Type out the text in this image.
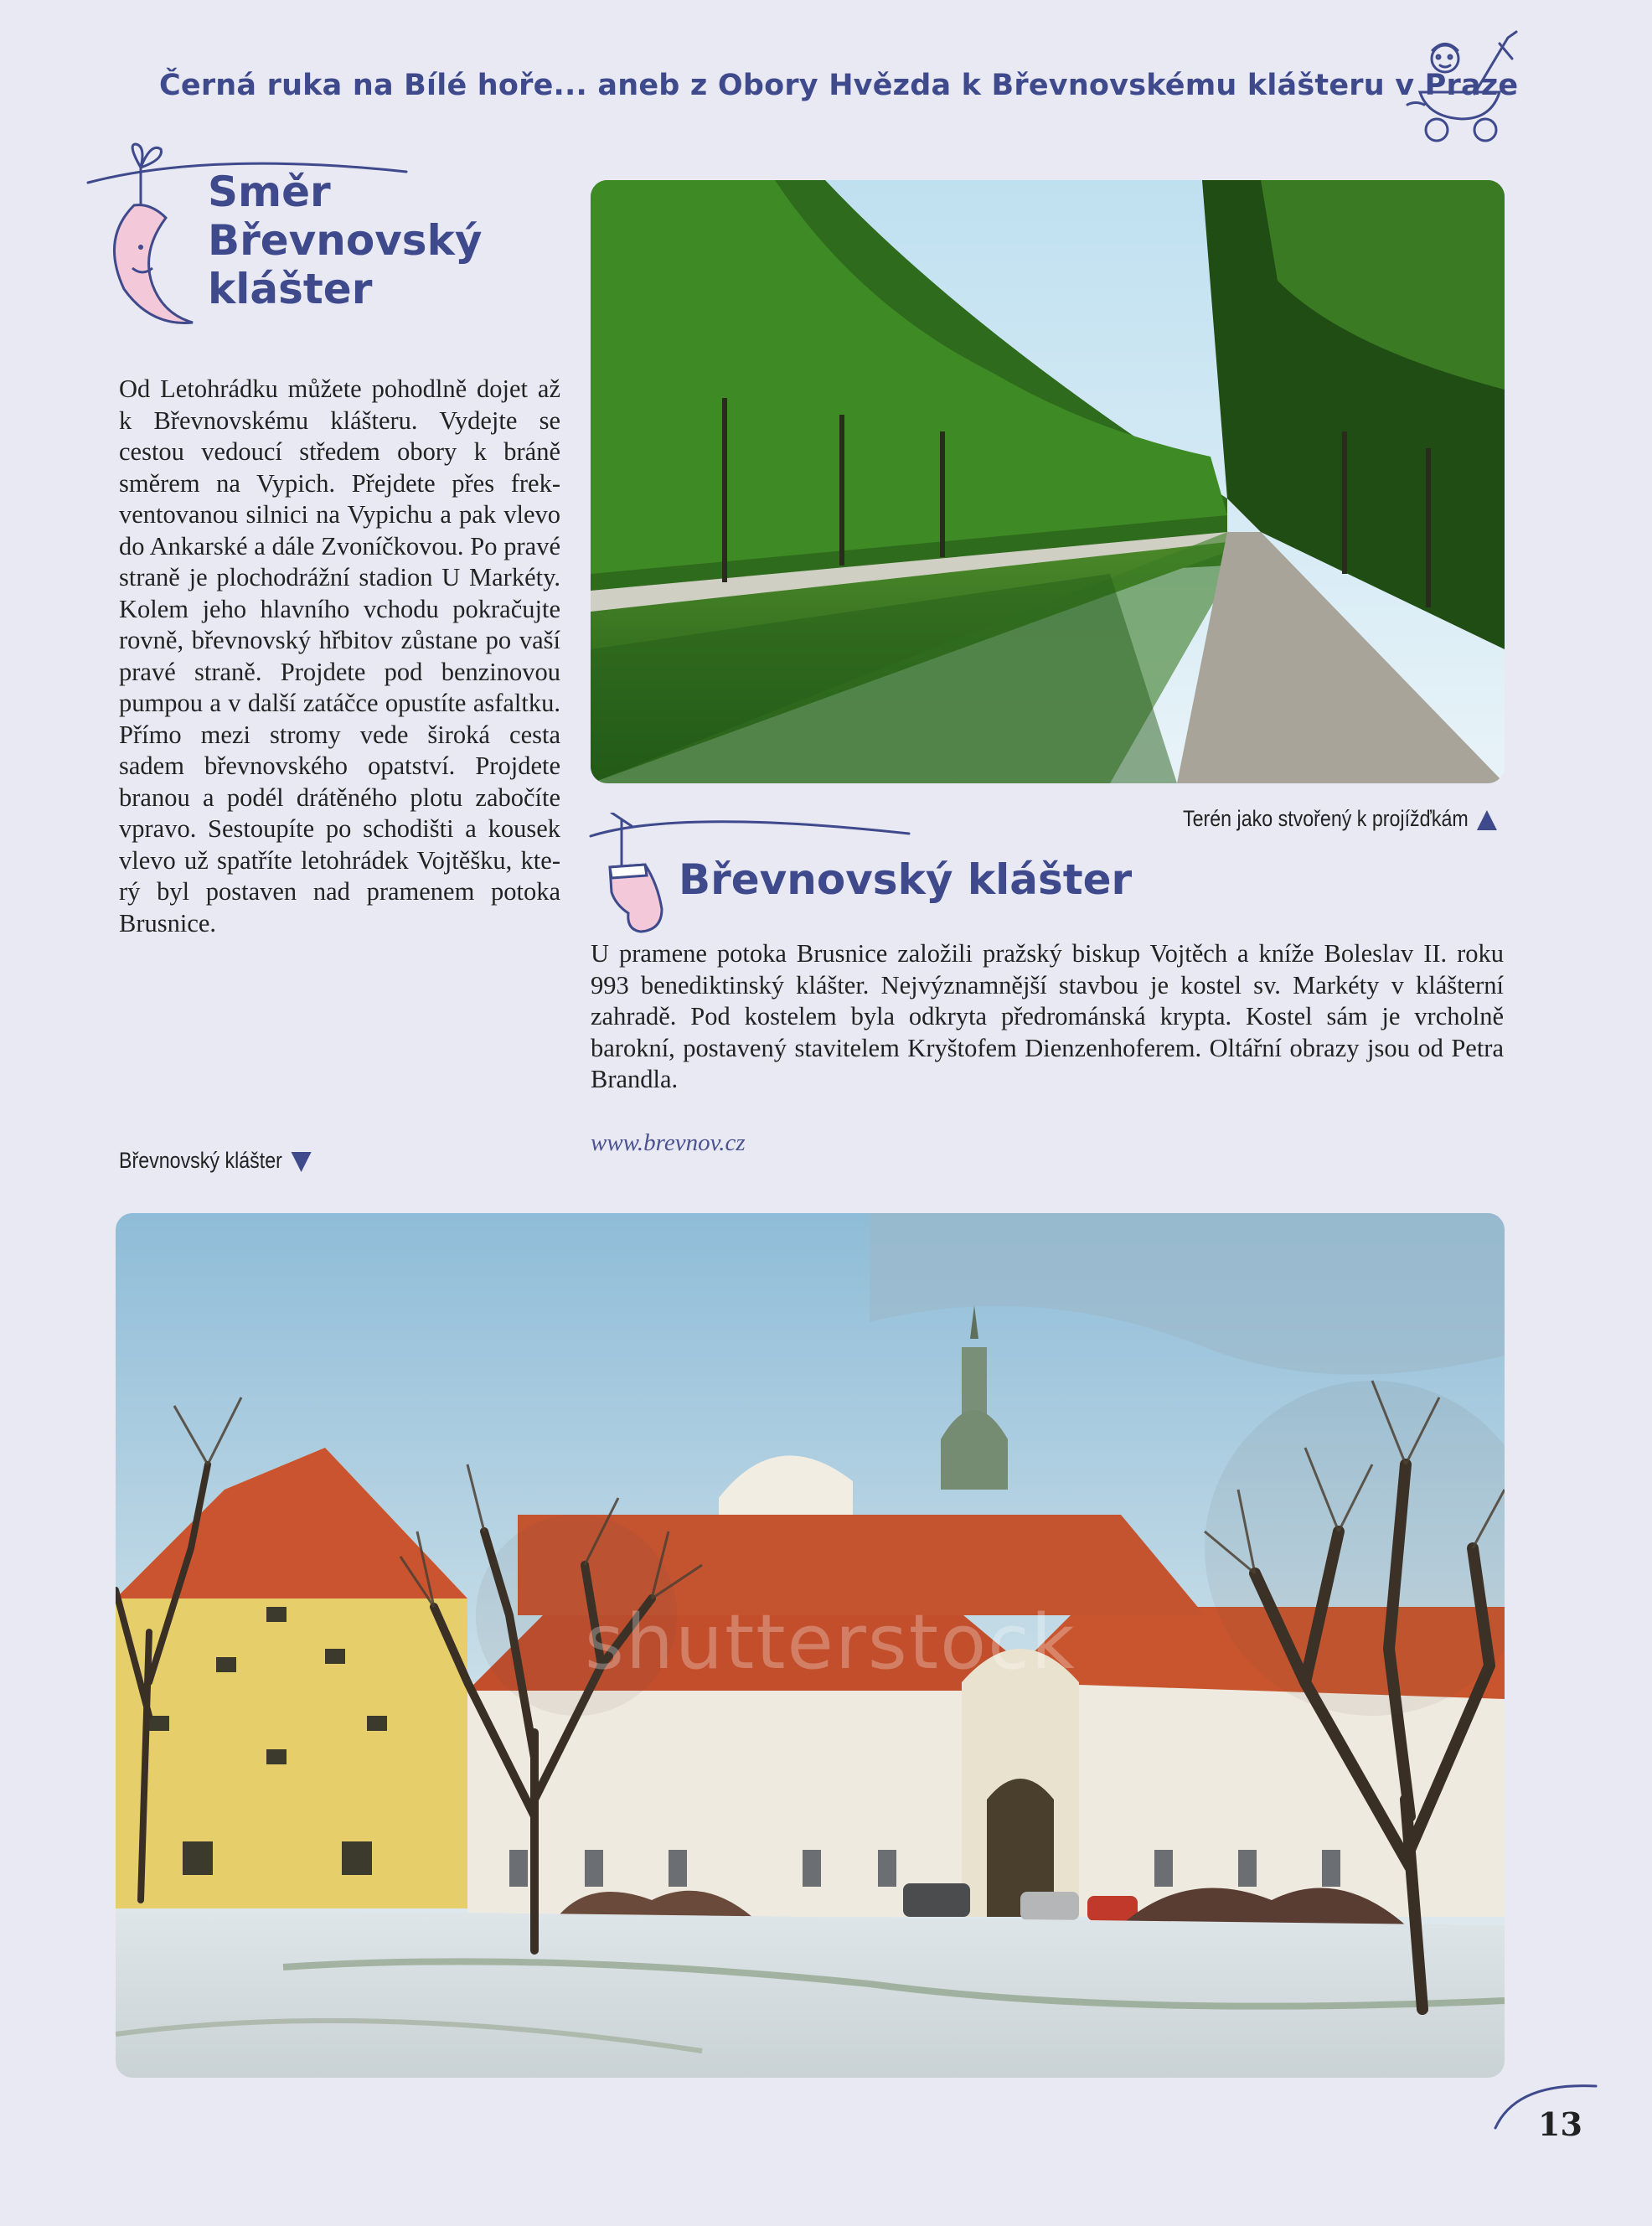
Černá ruka na Bílé hoře... aneb z Obory Hvězda k Břevnovskému klášteru v Praze
Směr
Břevnovský
klášter
Od Letohrádku můžete pohodlně dojet až k Břevnovskému klášteru. Vydejte se cestou vedoucí středem obory k bráně směrem na Vypich. Přejdete přes frekventovanou silnici na Vypichu a pak vlevo do Ankarské a dále Zvoníčkovou. Po pravé straně je plochodrážní stadion U Markéty. Kolem jeho hlavního vchodu pokračujte rovně, břevnovský hřbitov zůstane po vaší pravé straně. Projdete pod benzinovou pumpou a v další zatáčce opustíte asfaltku. Přímo mezi stromy vede široká cesta sadem břevnovského opatství. Projdete branou a podél drátěného plotu zabočíte vpravo. Sestoupíte po schodišti a kousek vlevo už spatříte letohrádek Vojtěšku, který byl postaven nad pramenem potoka Brusnice.
Terén jako stvořený k projížďkám
Břevnovský klášter
U pramene potoka Brusnice založili pražský biskup Vojtěch a kníže Boleslav II. roku 993 benediktinský klášter. Nejvýznamnější stavbou je kostel sv. Markéty v klášterní zahradě. Pod kostelem byla odkryta předrománská krypta. Kostel sám je vrcholně barokní, postavený stavitelem Kryštofem Dienzenhoferem. Oltářní obrazy jsou od Petra Brandla.
www.brevnov.cz
Břevnovský klášter
shutterstock
13
